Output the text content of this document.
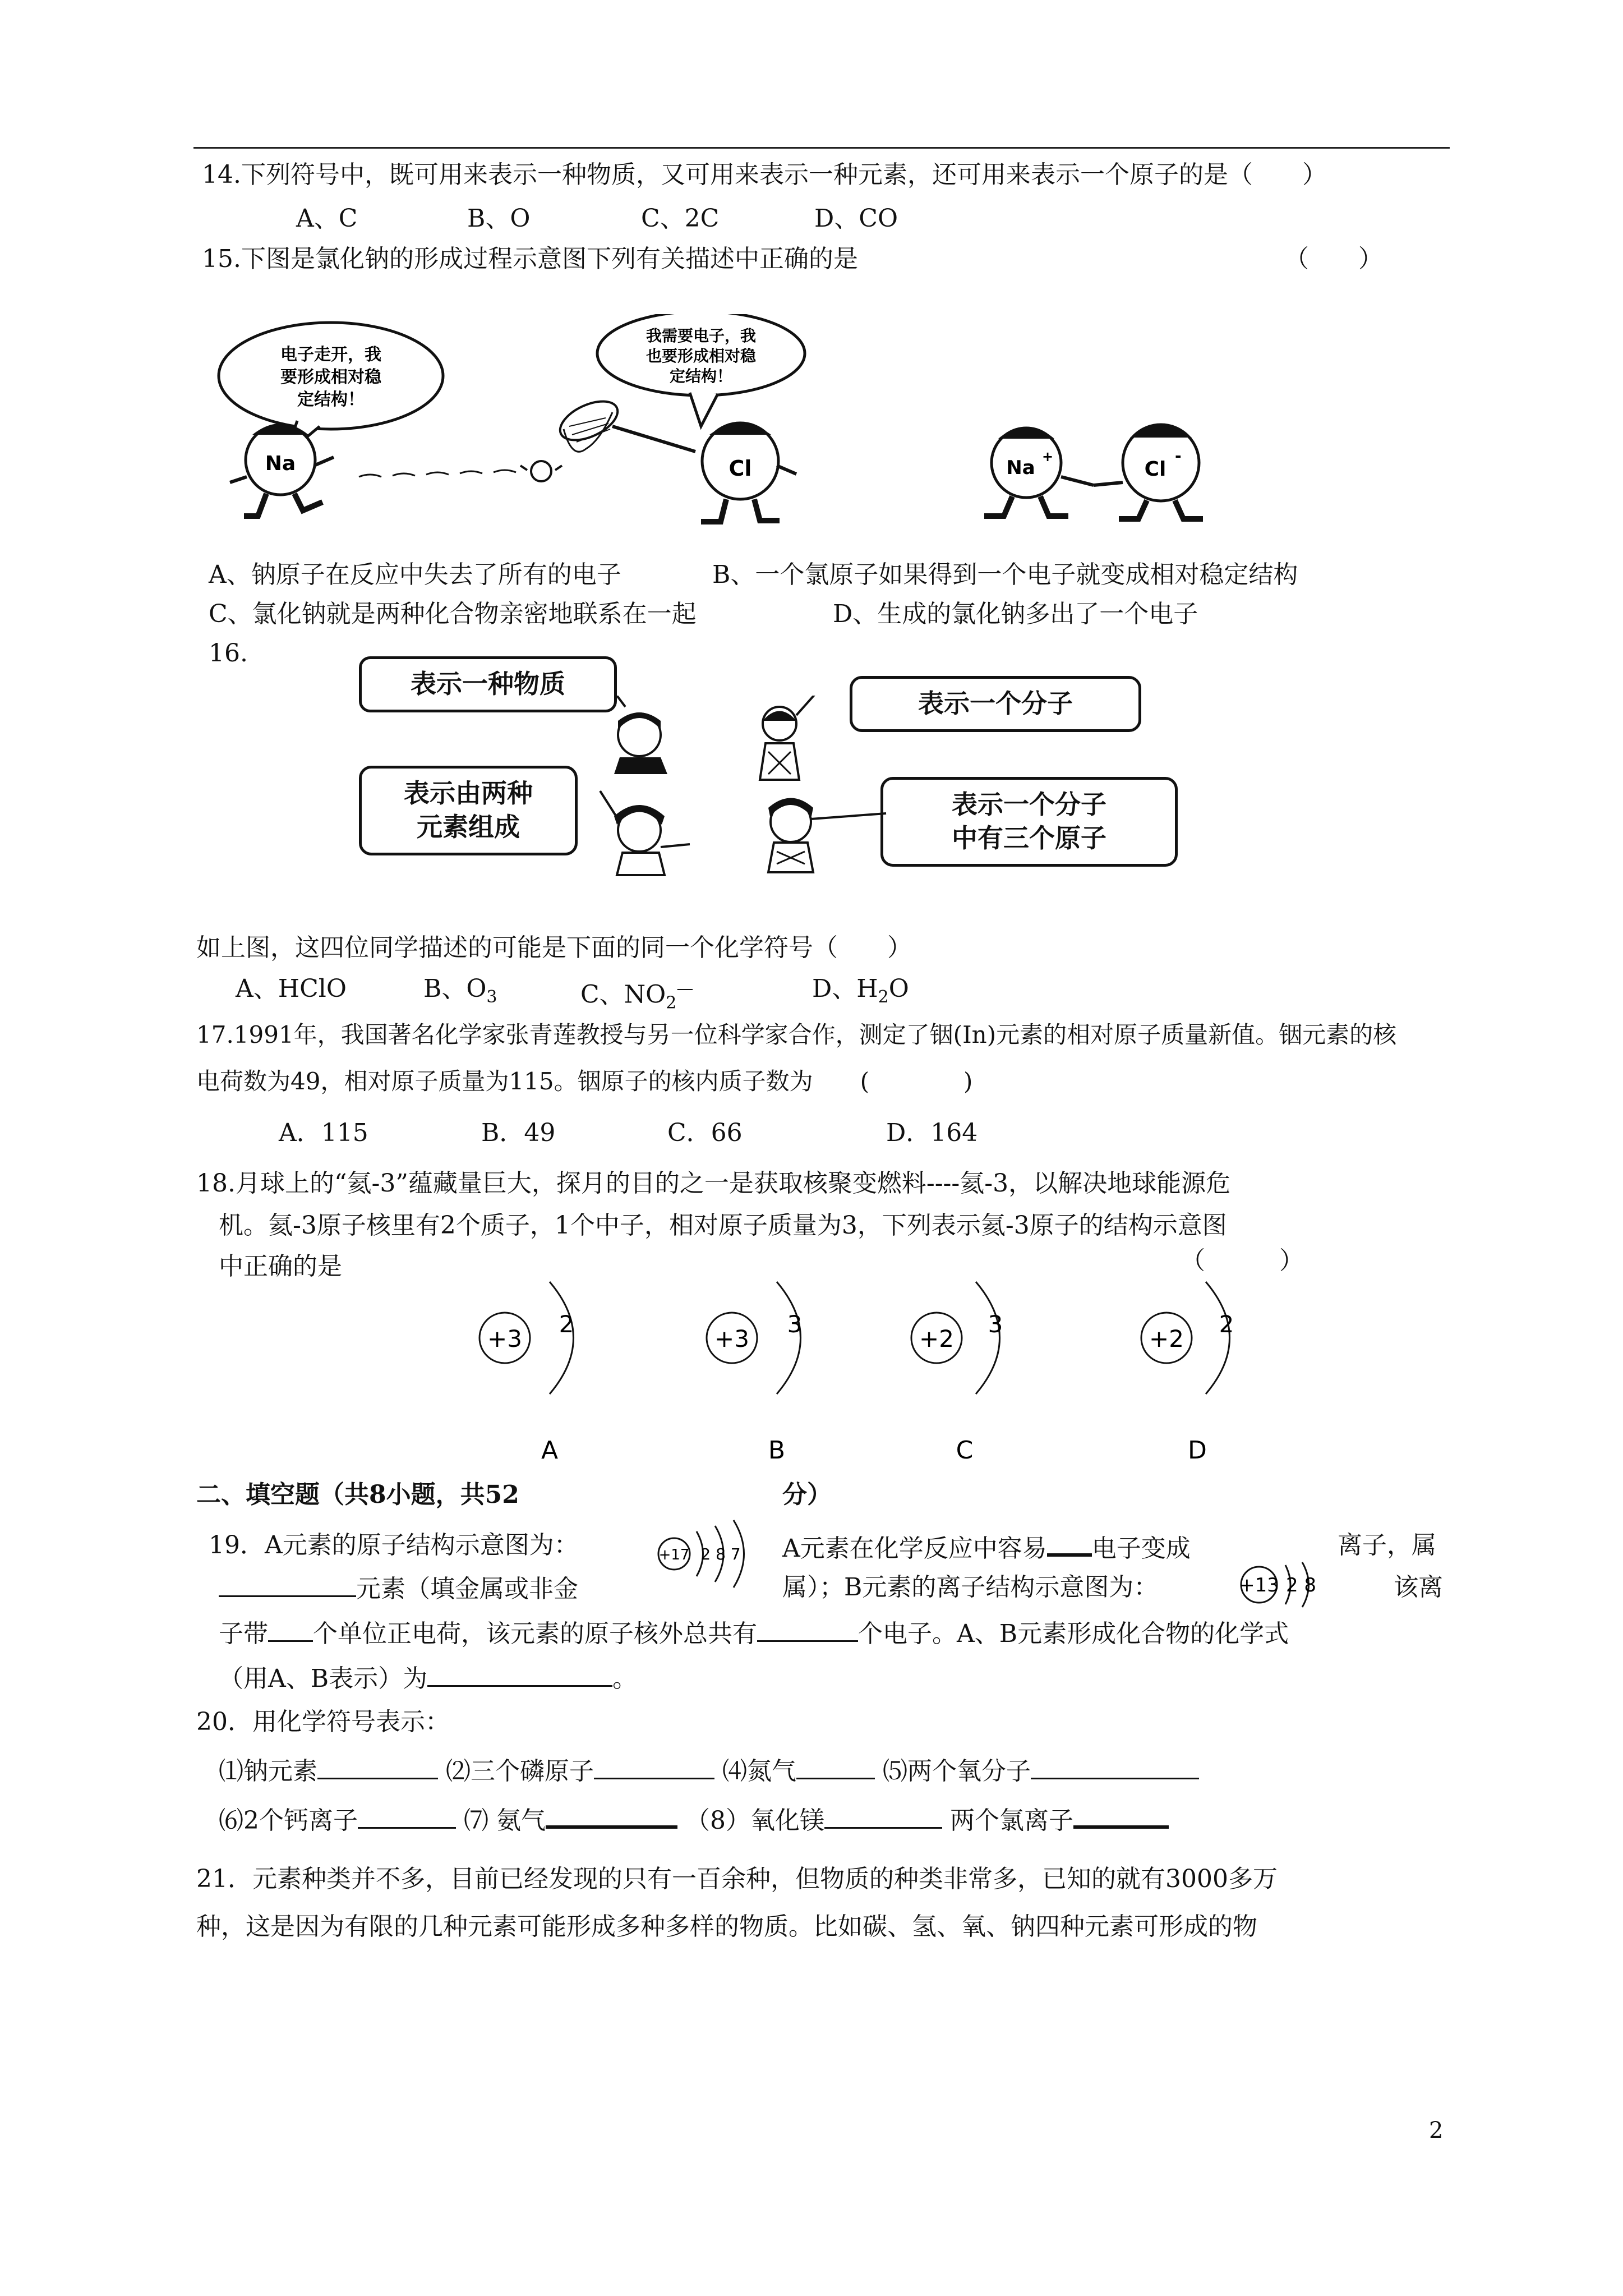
14.下列符号中，既可用来表示一种物质，又可用来表示一种元素，还可用来表示一个原子的是（　　）
A、C	B、O	C、2C	D、CO
15.下图是氯化钠的形成过程示意图下列有关描述中正确的是	（　　）
电子走开，我
要形成相对稳
定结构！
Na
我需要电子，我
也要形成相对稳
定结构！
Cl	Na +
Cl
-
A、钠原子在反应中失去了所有的电子	B、一个氯原子如果得到一个电子就变成相对稳定结构
C、氯化钠就是两种化合物亲密地联系在一起	D、生成的氯化钠多出了一个电子
16.
表示一种物质
表示一个分子
表示由两种
元素组成
表示一个分子
中有三个原子
如上图，这四位同学描述的可能是下面的同一个化学符号（　　）
A、HClO	B、$O_3$	C、$NO_2^—$	D、$H_2O$
17.1991年，我国著名化学家张青莲教授与另一位科学家合作，测定了铟(In)元素的相对原子质量新值。铟元素的核
电荷数为49，相对原子质量为115。铟原子的核内质子数为　　(　　　　)
A．115	B．49	C．66	D．164
18.月球上的“氦-3”蕴藏量巨大，探月的目的之一是获取核聚变燃料----氦-3，以解决地球能源危
机。氦-3原子核里有2个质子，1个中子，相对原子质量为3，下列表示氦-3原子的结构示意图
中正确的是	（　　　）
+3
2
A
+3
3
B
+2
3
C
+2
2
D
二、填空题（共8小题，共52	分）
19．A元素的原子结构示意图为：	+17 2 8 7 A元素在化学反应中容易 电子变成	离子，属
元素（填金属或非金	属）；B元素的离子结构示意图为：	+13 2 8	该离
子带 个单位正电荷，该元素的原子核外总共有	个电子。A、B元素形成化合物的化学式
（用A、B表示）为	。
20．用化学符号表示：
⑴钠元素	⑵三个磷原子	⑷氮气	⑸两个氧分子
⑹2个钙离子	⑺ 氨气	（8）氧化镁	两个氯离子
21．元素种类并不多，目前已经发现的只有一百余种，但物质的种类非常多，已知的就有3000多万
种，这是因为有限的几种元素可能形成多种多样的物质。比如碳、氢、氧、钠四种元素可形成的物
2
